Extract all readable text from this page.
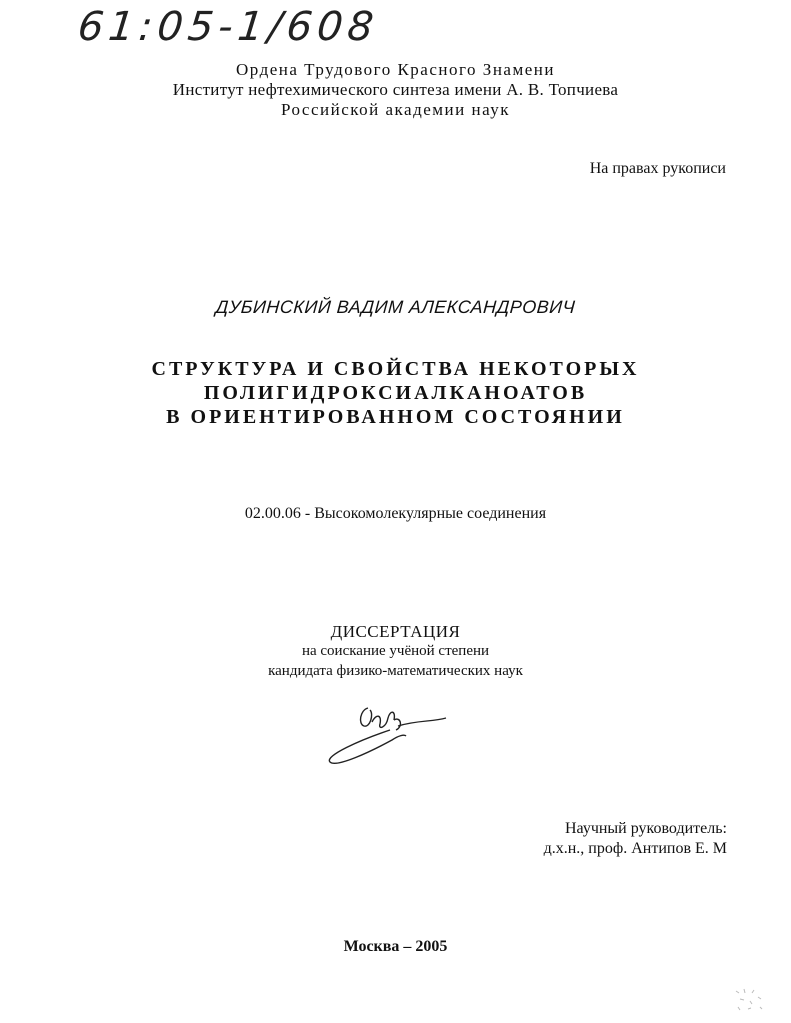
61:05-1/608
Ордена Трудового Красного Знамени
Институт нефтехимического синтеза имени А. В. Топчиева
Российской академии наук
На правах рукописи
ДУБИНСКИЙ ВАДИМ АЛЕКСАНДРОВИЧ
СТРУКТУРА И СВОЙСТВА НЕКОТОРЫХ
ПОЛИГИДРОКСИАЛКАНОАТОВ
В ОРИЕНТИРОВАННОМ СОСТОЯНИИ
02.00.06 - Высокомолекулярные соединения
ДИССЕРТАЦИЯ
на соискание учёной степени
кандидата физико-математических наук
Научный руководитель:
д.х.н., проф. Антипов Е. М
Москва – 2005
